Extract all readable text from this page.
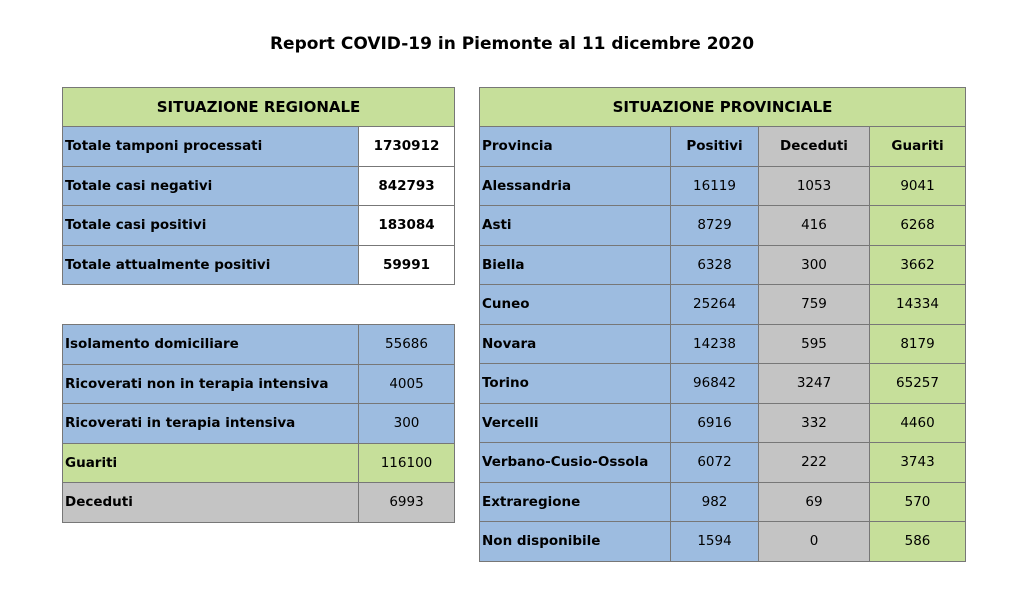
Report COVID-19 in Piemonte al 11 dicembre 2020
SITUAZIONE REGIONALE	
Totale tamponi processati	1730912
Totale casi negativi	842793
Totale casi positivi	183084
Totale attualmente positivi	59991
Isolamento domiciliare	55686
Ricoverati non in terapia intensiva	4005
Ricoverati in terapia intensiva	300
Guariti	116100
Deceduti	6993
SITUAZIONE PROVINCIALE			
Provincia	Positivi	Deceduti	Guariti
Alessandria	16119	1053	9041
Asti	8729	416	6268
Biella	6328	300	3662
Cuneo	25264	759	14334
Novara	14238	595	8179
Torino	96842	3247	65257
Vercelli	6916	332	4460
Verbano-Cusio-Ossola	6072	222	3743
Extraregione	982	69	570
Non disponibile	1594	0	586
